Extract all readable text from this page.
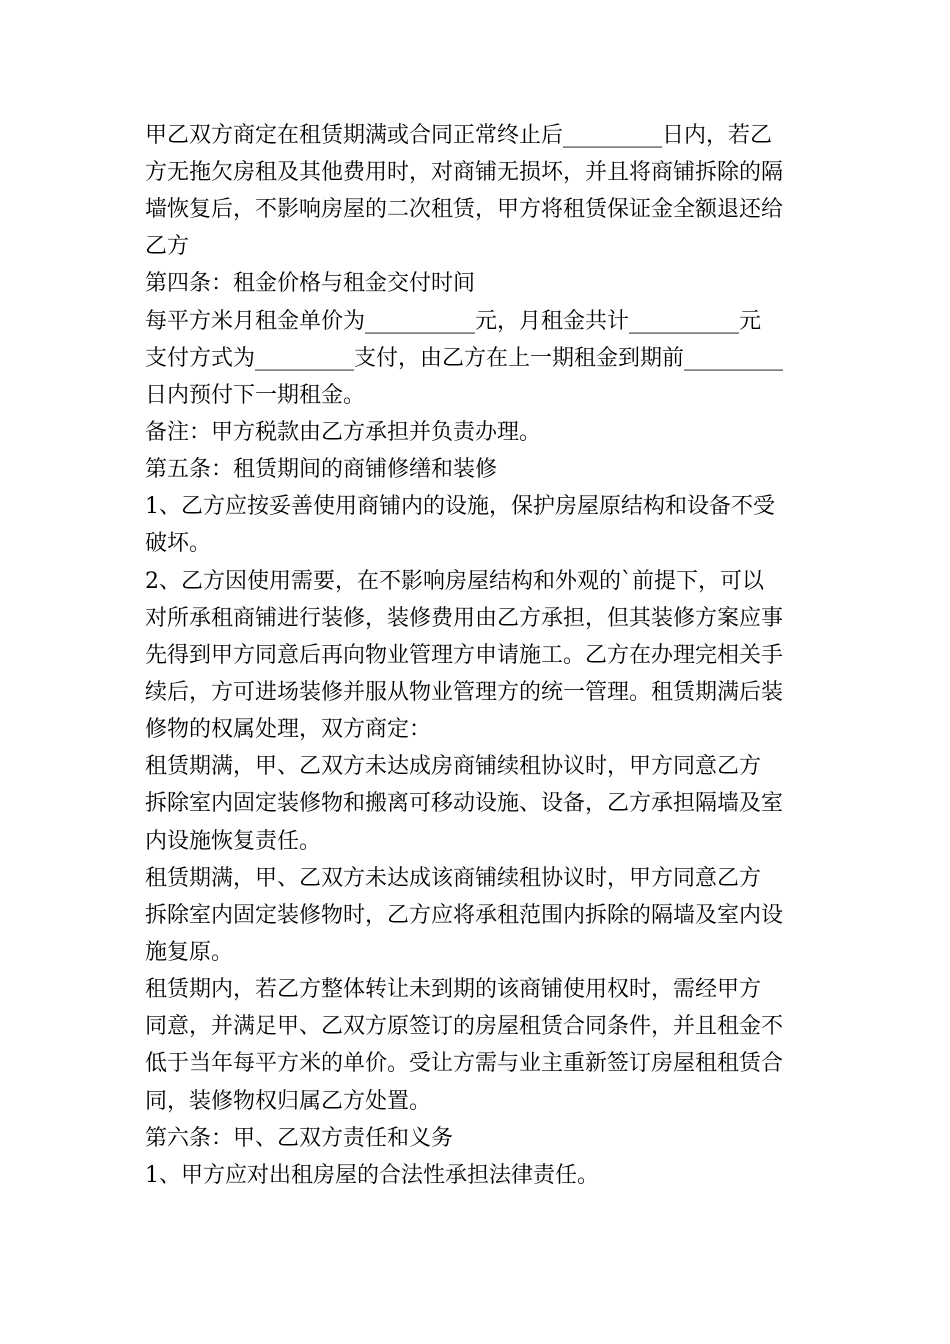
甲乙双方商定在租赁期满或合同正常终止后_________日内，若乙
方无拖欠房租及其他费用时，对商铺无损坏，并且将商铺拆除的隔
墙恢复后，不影响房屋的二次租赁，甲方将租赁保证金全额退还给
乙方
第四条：租金价格与租金交付时间
每平方米月租金单价为__________元，月租金共计__________元
支付方式为_________支付，由乙方在上一期租金到期前_________
日内预付下一期租金。
备注：甲方税款由乙方承担并负责办理。
第五条：租赁期间的商铺修缮和装修
1、乙方应按妥善使用商铺内的设施，保护房屋原结构和设备不受
破坏。
2、乙方因使用需要，在不影响房屋结构和外观的`前提下，可以
对所承租商铺进行装修，装修费用由乙方承担，但其装修方案应事
先得到甲方同意后再向物业管理方申请施工。乙方在办理完相关手
续后，方可进场装修并服从物业管理方的统一管理。租赁期满后装
修物的权属处理，双方商定：
租赁期满，甲、乙双方未达成房商铺续租协议时，甲方同意乙方
拆除室内固定装修物和搬离可移动设施、设备，乙方承担隔墙及室
内设施恢复责任。
租赁期满，甲、乙双方未达成该商铺续租协议时，甲方同意乙方
拆除室内固定装修物时，乙方应将承租范围内拆除的隔墙及室内设
施复原。
租赁期内，若乙方整体转让未到期的该商铺使用权时，需经甲方
同意，并满足甲、乙双方原签订的房屋租赁合同条件，并且租金不
低于当年每平方米的单价。受让方需与业主重新签订房屋租租赁合
同，装修物权归属乙方处置。
第六条：甲、乙双方责任和义务
1、甲方应对出租房屋的合法性承担法律责任。
